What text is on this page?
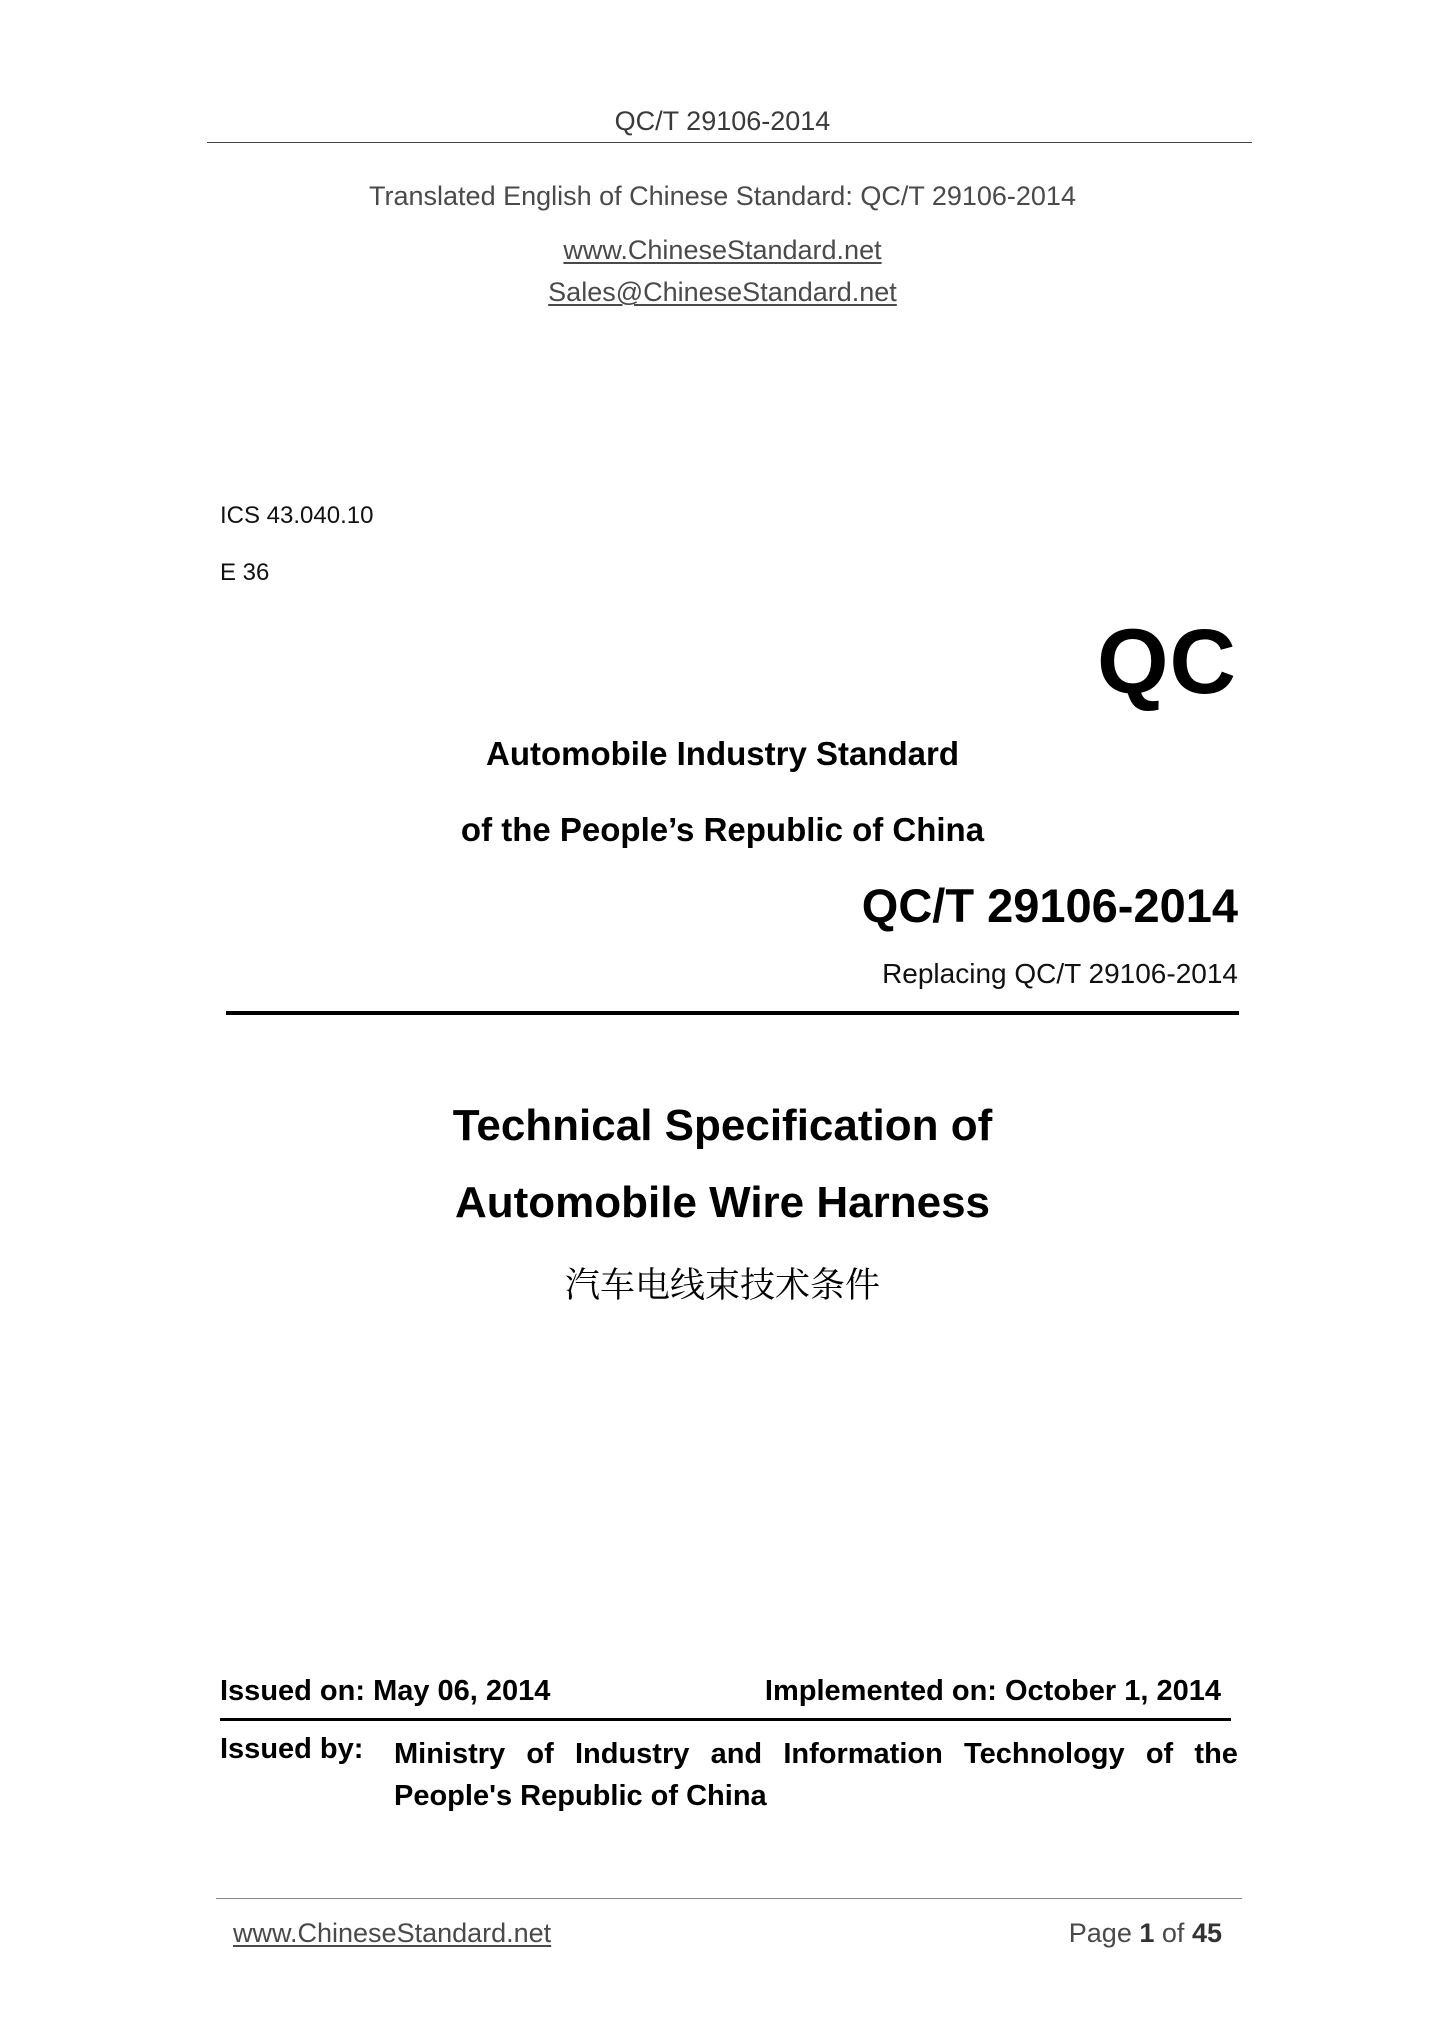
QC/T 29106-2014
Translated English of Chinese Standard: QC/T 29106-2014
www.ChineseStandard.net
Sales@ChineseStandard.net
ICS 43.040.10
E 36
QC
Automobile Industry Standard
of the People’s Republic of China
QC/T 29106-2014
Replacing QC/T 29106-2014
Technical Specification of
Automobile Wire Harness
汽车电线束技术条件
Issued on: May 06, 2014	Implemented on: October 1, 2014
Issued by: Ministry of Industry and Information Technology of the
People's Republic of China
www.ChineseStandard.net	Page 1 of 45
